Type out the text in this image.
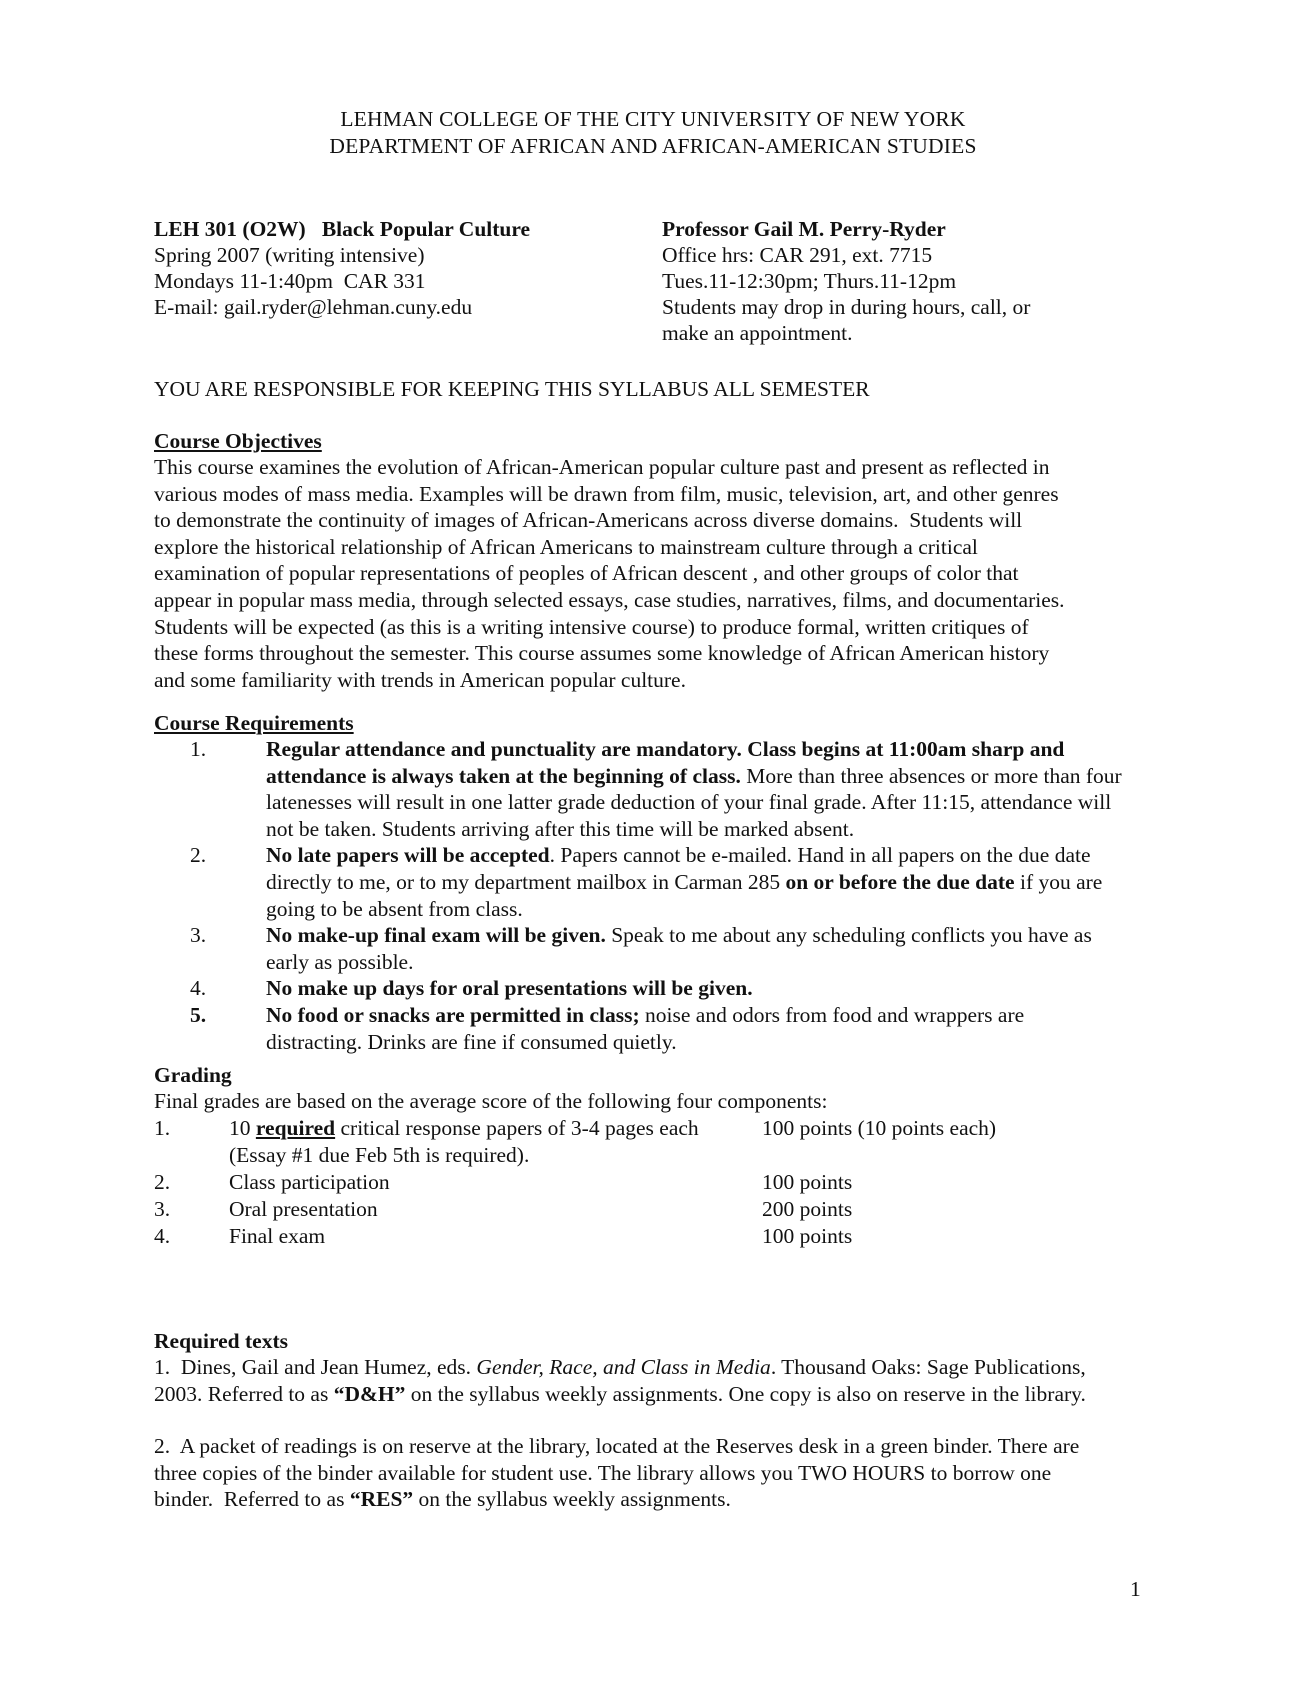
LEHMAN COLLEGE OF THE CITY UNIVERSITY OF NEW YORK
DEPARTMENT OF AFRICAN AND AFRICAN-AMERICAN STUDIES
LEH 301 (O2W)   Black Popular Culture
Spring 2007 (writing intensive)
Mondays 11-1:40pm  CAR 331
E-mail: gail.ryder@lehman.cuny.edu
Professor Gail M. Perry-Ryder
Office hrs: CAR 291, ext. 7715
Tues.11-12:30pm; Thurs.11-12pm
Students may drop in during hours, call, or
make an appointment.
YOU ARE RESPONSIBLE FOR KEEPING THIS SYLLABUS ALL SEMESTER
Course Objectives
This course examines the evolution of African-American popular culture past and present as reflected in
various modes of mass media. Examples will be drawn from film, music, television, art, and other genres
to demonstrate the continuity of images of African-Americans across diverse domains.  Students will
explore the historical relationship of African Americans to mainstream culture through a critical
examination of popular representations of peoples of African descent , and other groups of color that
appear in popular mass media, through selected essays, case studies, narratives, films, and documentaries.
Students will be expected (as this is a writing intensive course) to produce formal, written critiques of
these forms throughout the semester. This course assumes some knowledge of African American history
and some familiarity with trends in American popular culture.
Course Requirements
1.	Regular attendance and punctuality are mandatory. Class begins at 11:00am sharp and attendance is always taken at the beginning of class. More than three absences or more than four latenesses will result in one latter grade deduction of your final grade. After 11:15, attendance will not be taken. Students arriving after this time will be marked absent.
2.	No late papers will be accepted. Papers cannot be e-mailed. Hand in all papers on the due date directly to me, or to my department mailbox in Carman 285 on or before the due date if you are going to be absent from class.
3.	No make-up final exam will be given. Speak to me about any scheduling conflicts you have as early as possible.
4.	No make up days for oral presentations will be given.
5.	No food or snacks are permitted in class; noise and odors from food and wrappers are distracting. Drinks are fine if consumed quietly.
Grading
Final grades are based on the average score of the following four components:
1.	10 required critical response papers of 3-4 pages each	100 points (10 points each)
(Essay #1 due Feb 5th is required).
2.	Class participation	100 points
3.	Oral presentation	200 points
4.	Final exam	100 points
Required texts
1.  Dines, Gail and Jean Humez, eds. Gender, Race, and Class in Media. Thousand Oaks: Sage Publications, 2003. Referred to as “D&H” on the syllabus weekly assignments. One copy is also on reserve in the library.
2.  A packet of readings is on reserve at the library, located at the Reserves desk in a green binder. There are three copies of the binder available for student use. The library allows you TWO HOURS to borrow one binder.  Referred to as “RES” on the syllabus weekly assignments.
1
